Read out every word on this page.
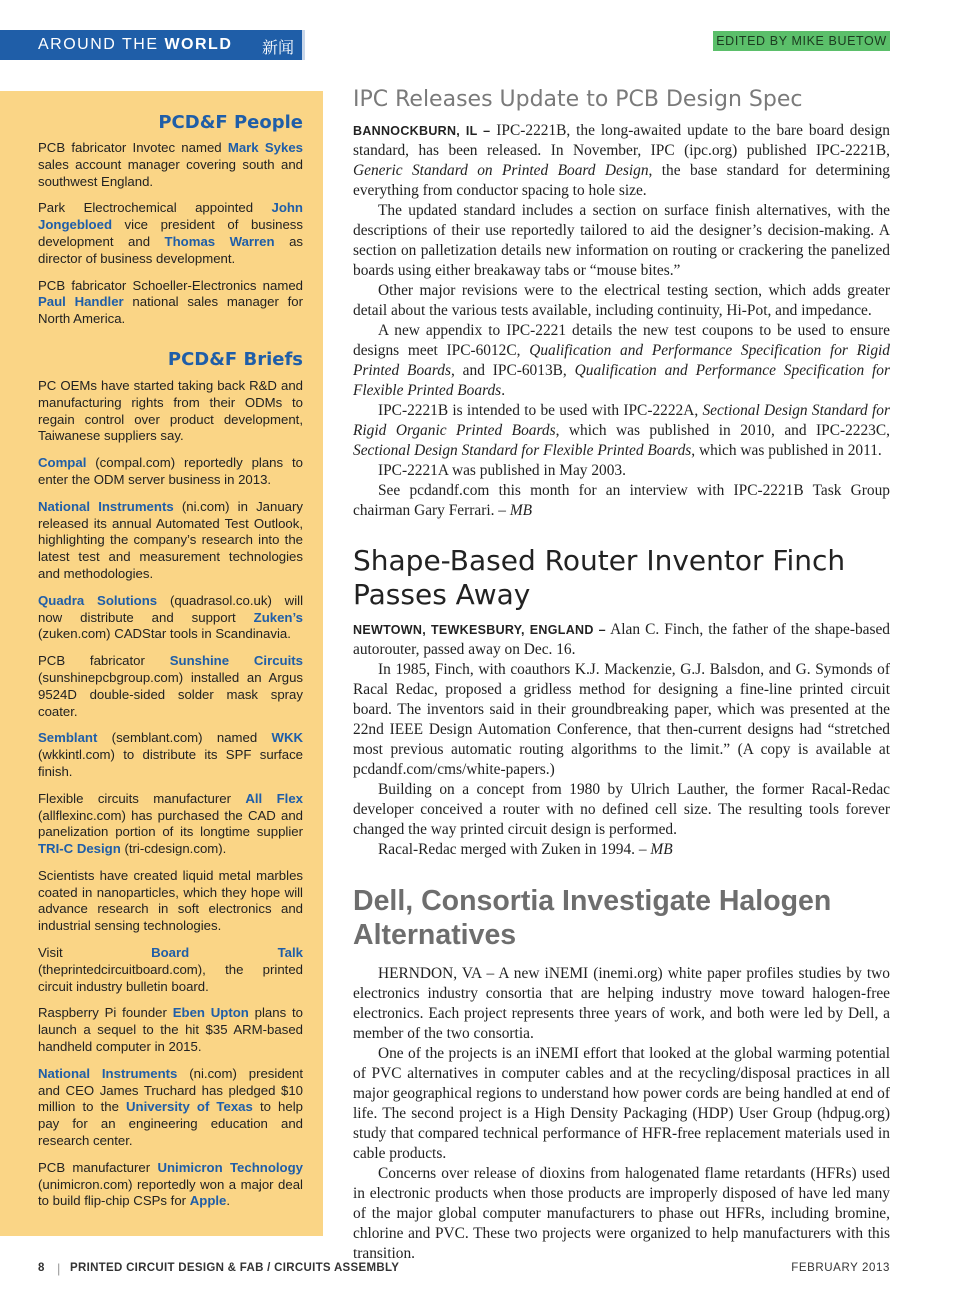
AROUND THE WORLD 新闻	EDITED BY MIKE BUETOW
PCD&F People

PCB fabricator Invotec named Mark Sykes sales account manager covering south and southwest England.

Park Electrochemical appointed John Jongebloed vice president of business development and Thomas Warren as director of business development.

PCB fabricator Schoeller-Electronics named Paul Handler national sales manager for North America.

PCD&F Briefs

PC OEMs have started taking back R&D and manufacturing rights from their ODMs to regain control over product development, Taiwanese suppliers say.

Compal (compal.com) reportedly plans to enter the ODM server business in 2013.

National Instruments (ni.com) in January released its annual Automated Test Outlook, highlighting the company’s research into the latest test and measurement technologies and methodologies.

Quadra Solutions (quadrasol.co.uk) will now distribute and support Zuken’s (zuken.com) CADStar tools in Scandinavia.

PCB fabricator Sunshine Circuits (sunshinepcbgroup.com) installed an Argus 9524D double-sided solder mask spray coater.

Semblant (semblant.com) named WKK (wkkintl.com) to distribute its SPF surface finish.

Flexible circuits manufacturer All Flex (allflexinc.com) has purchased the CAD and panelization portion of its longtime supplier TRI-C Design (tri-cdesign.com).

Scientists have created liquid metal marbles coated in nanoparticles, which they hope will advance research in soft electronics and industrial sensing technologies.

Visit Board Talk (theprintedcircuitboard.com), the printed circuit industry bulletin board.

Raspberry Pi founder Eben Upton plans to launch a sequel to the hit $35 ARM-based handheld computer in 2015.

National Instruments (ni.com) president and CEO James Truchard has pledged $10 million to the University of Texas to help pay for an engineering education and research center.

PCB manufacturer Unimicron Technology (unimicron.com) reportedly won a major deal to build flip-chip CSPs for Apple.

IPC Releases Update to PCB Design Spec

BANNOCKBURN, IL – IPC-2221B, the long-awaited update to the bare board design standard, has been released. In November, IPC (ipc.org) published IPC-2221B, Generic Standard on Printed Board Design, the base standard for determining everything from conductor spacing to hole size.

The updated standard includes a section on surface finish alternatives, with the descriptions of their use reportedly tailored to aid the designer’s decision-making. A section on palletization details new information on routing or crackering the panelized boards using either breakaway tabs or “mouse bites.”

Other major revisions were to the electrical testing section, which adds greater detail about the various tests available, including continuity, Hi-Pot, and impedance.

A new appendix to IPC-2221 details the new test coupons to be used to ensure designs meet IPC-6012C, Qualification and Performance Specification for Rigid Printed Boards, and IPC-6013B, Qualification and Performance Specification for Flexible Printed Boards.

IPC-2221B is intended to be used with IPC-2222A, Sectional Design Standard for Rigid Organic Printed Boards, which was published in 2010, and IPC-2223C, Sectional Design Standard for Flexible Printed Boards, which was published in 2011.

IPC-2221A was published in May 2003.

See pcdandf.com this month for an interview with IPC-2221B Task Group chairman Gary Ferrari. – MB

Shape-Based Router Inventor Finch Passes Away

NEWTOWN, TEWKESBURY, ENGLAND – Alan C. Finch, the father of the shape-based autorouter, passed away on Dec. 16.

In 1985, Finch, with coauthors K.J. Mackenzie, G.J. Balsdon, and G. Symonds of Racal Redac, proposed a gridless method for designing a fine-line printed circuit board. The inventors said in their groundbreaking paper, which was presented at the 22nd IEEE Design Automation Conference, that then-current designs had “stretched most previous automatic routing algorithms to the limit.” (A copy is available at pcdandf.com/cms/white-papers.)

Building on a concept from 1980 by Ulrich Lauther, the former Racal-Redac developer conceived a router with no defined cell size. The resulting tools forever changed the way printed circuit design is performed.

Racal-Redac merged with Zuken in 1994. – MB

Dell, Consortia Investigate Halogen Alternatives

HERNDON, VA – A new iNEMI (inemi.org) white paper profiles studies by two electronics industry consortia that are helping industry move toward halogen-free electronics. Each project represents three years of work, and both were led by Dell, a member of the two consortia.

One of the projects is an iNEMI effort that looked at the global warming potential of PVC alternatives in computer cables and at the recycling/disposal practices in all major geographical regions to understand how power cords are being handled at end of life. The second project is a High Density Packaging (HDP) User Group (hdpug.org) study that compared technical performance of HFR-free replacement materials used in cable products.

Concerns over release of dioxins from halogenated flame retardants (HFRs) used in electronic products when those products are improperly disposed of have led many of the major global computer manufacturers to phase out HFRs, including bromine, chlorine and PVC. These two projects were organized to help manufacturers with this transition.

8 | PRINTED CIRCUIT DESIGN & FAB / CIRCUITS ASSEMBLY	FEBRUARY 2013
